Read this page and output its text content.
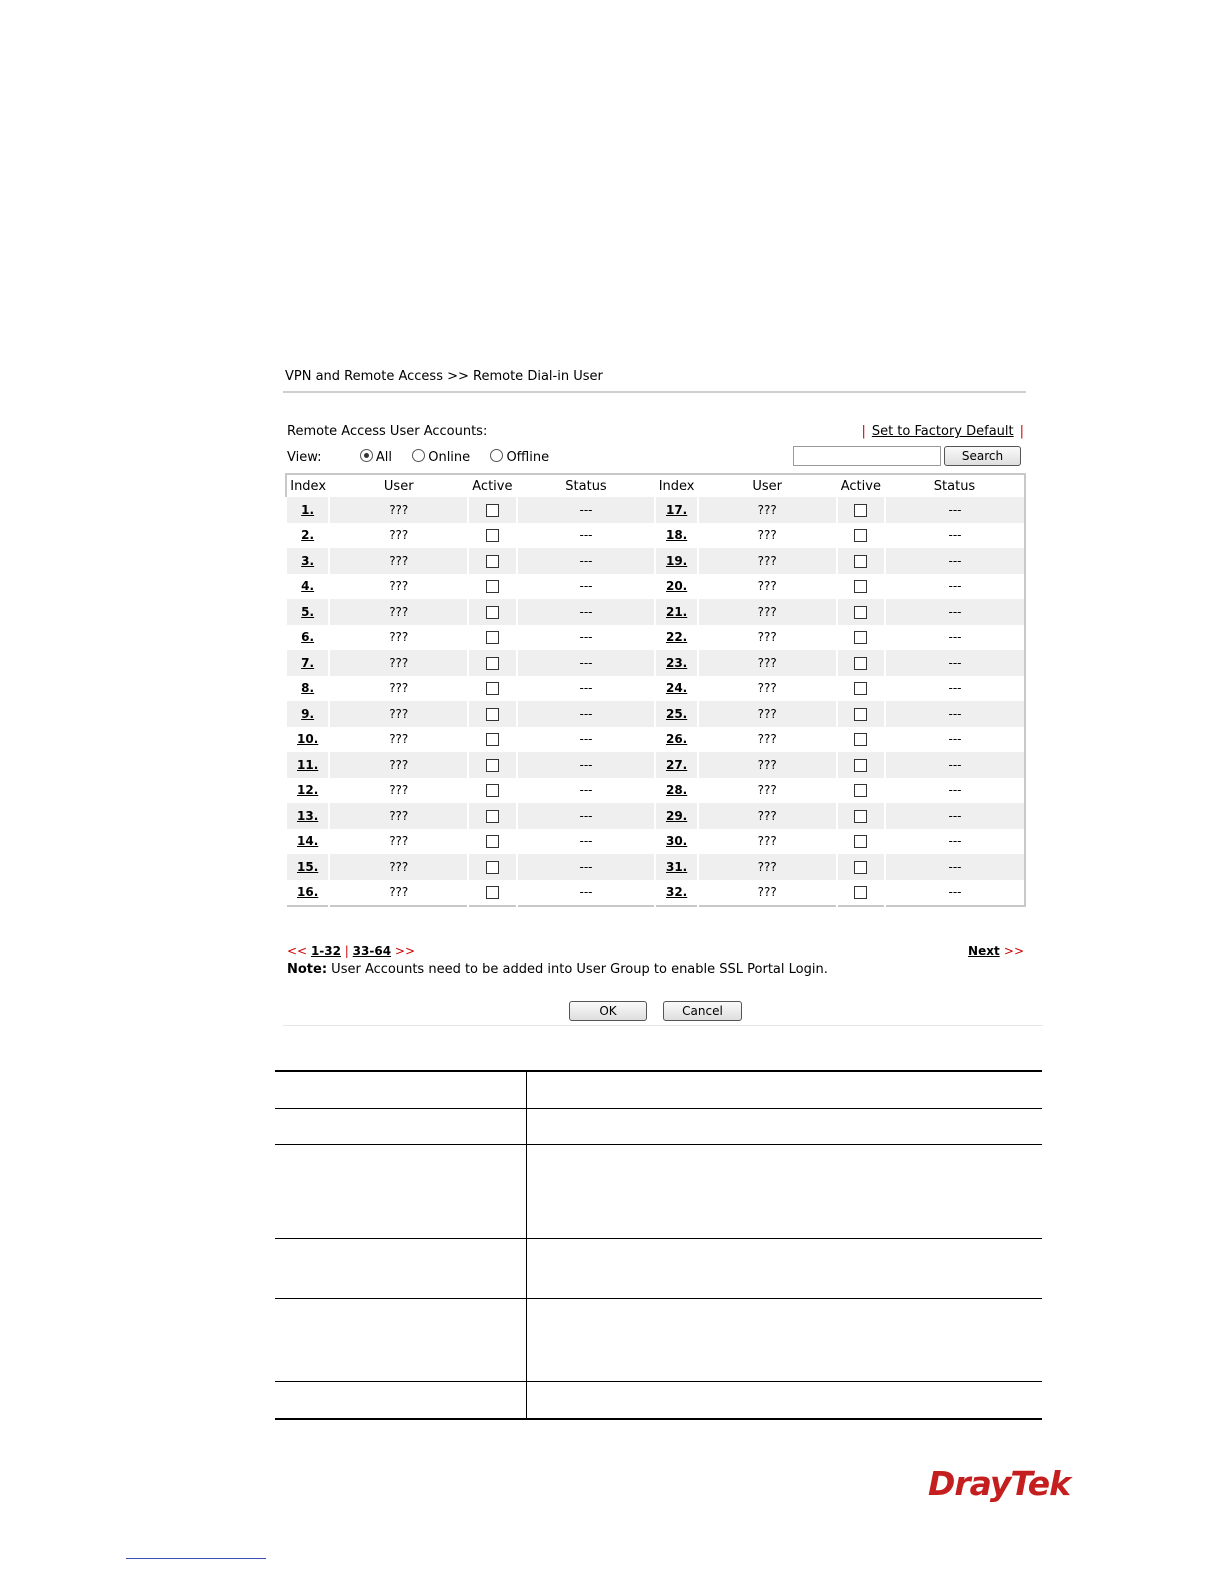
VPN and Remote Access >> Remote Dial-in User
Remote Access User Accounts:	| Set to Factory Default |
View:	All	Online	Offline	Search
Index	User	Active	Status	Index	User	Active	Status
1.	???		---	17.	???		---
2.	???		---	18.	???		---
3.	???		---	19.	???		---
4.	???		---	20.	???		---
5.	???		---	21.	???		---
6.	???		---	22.	???		---
7.	???		---	23.	???		---
8.	???		---	24.	???		---
9.	???		---	25.	???		---
10.	???		---	26.	???		---
11.	???		---	27.	???		---
12.	???		---	28.	???		---
13.	???		---	29.	???		---
14.	???		---	30.	???		---
15.	???		---	31.	???		---
16.	???		---	32.	???		---
<< 1-32 | 33-64 >>	Next >>
Note: User Accounts need to be added into User Group to enable SSL Portal Login.
OK	Cancel
DrayTek
